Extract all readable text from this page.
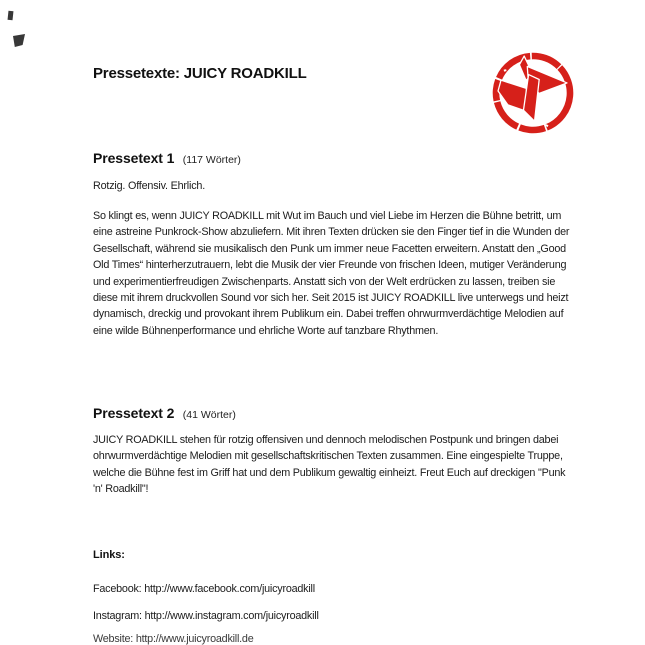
Pressetexte: JUICY ROADKILL
Pressetext 1 (117 Wörter)
Rotzig. Offensiv. Ehrlich.
So klingt es, wenn JUICY ROADKILL mit Wut im Bauch und viel Liebe im Herzen die Bühne betritt, um eine astreine Punkrock-Show abzuliefern. Mit ihren Texten drücken sie den Finger tief in die Wunden der Gesellschaft, während sie musikalisch den Punk um immer neue Facetten erweitern. Anstatt den „Good Old Times“ hinterherzutrauern, lebt die Musik der vier Freunde von frischen Ideen, mutiger Veränderung und experimentierfreudigen Zwischenparts. Anstatt sich von der Welt erdrücken zu lassen, treiben sie diese mit ihrem druckvollen Sound vor sich her. Seit 2015 ist JUICY ROADKILL live unterwegs und heizt dynamisch, dreckig und provokant ihrem Publikum ein. Dabei treffen ohrwurmverdächtige Melodien auf eine wilde Bühnenperformance und ehrliche Worte auf tanzbare Rhythmen.
Pressetext 2 (41 Wörter)
JUICY ROADKILL stehen für rotzig offensiven und dennoch melodischen Postpunk und bringen dabei ohrwurmverdächtige Melodien mit gesellschaftskritischen Texten zusammen. Eine eingespielte Truppe, welche die Bühne fest im Griff hat und dem Publikum gewaltig einheizt. Freut Euch auf dreckigen "Punk 'n' Roadkill"!
Links:
Facebook: http://www.facebook.com/juicyroadkill
Instagram: http://www.instagram.com/juicyroadkill
Website: http://www.juicyroadkill.de
